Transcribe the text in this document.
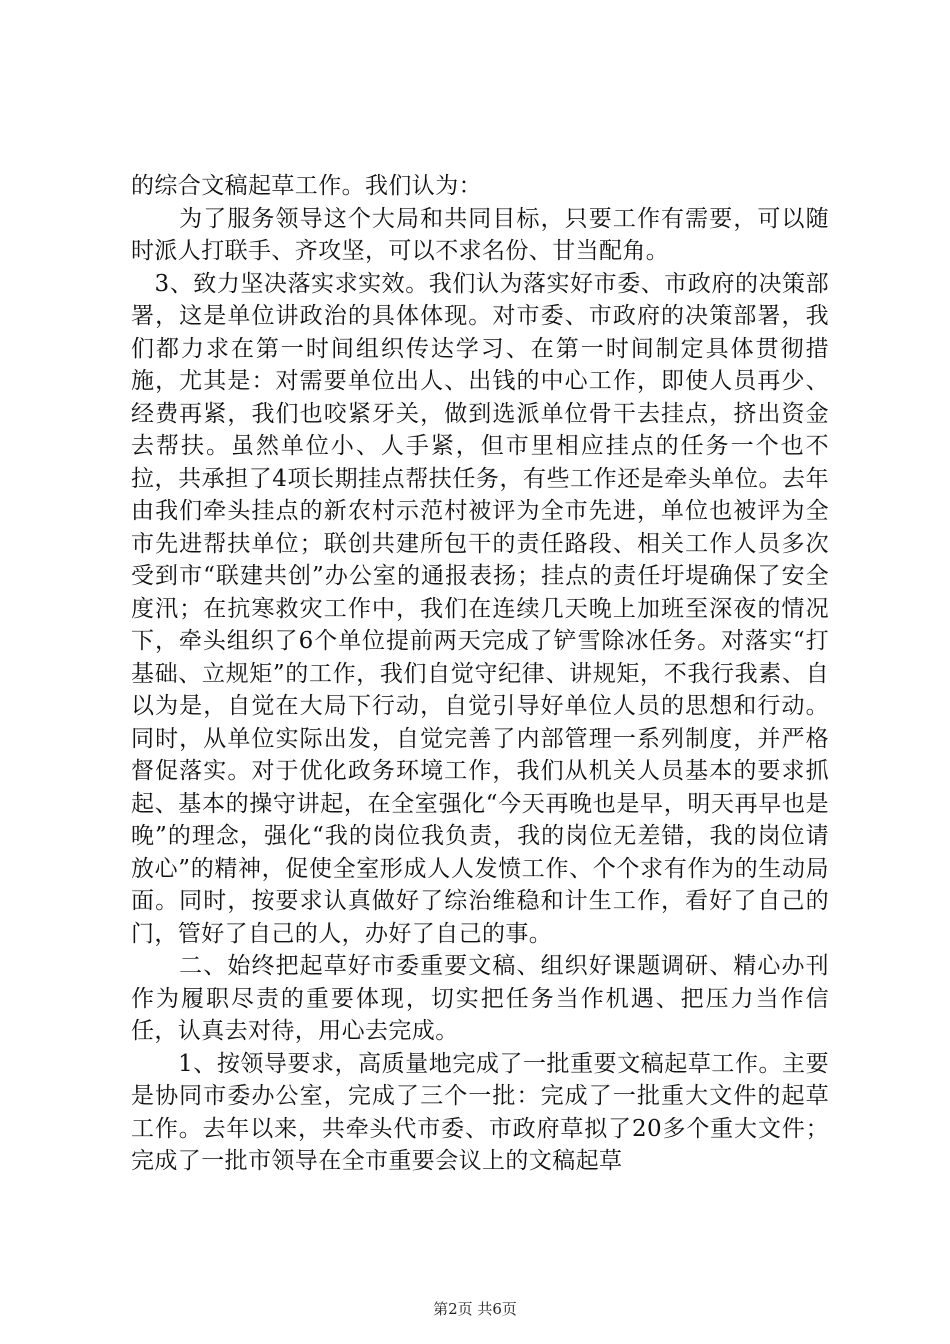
的综合文稿起草工作。我们认为：

　　为了服务领导这个大局和共同目标，只要工作有需要，可以随时派人打联手、齐攻坚，可以不求名份、甘当配角。

　3、致力坚决落实求实效。我们认为落实好市委、市政府的决策部署，这是单位讲政治的具体体现。对市委、市政府的决策部署，我们都力求在第一时间组织传达学习、在第一时间制定具体贯彻措施，尤其是：对需要单位出人、出钱的中心工作，即使人员再少、经费再紧，我们也咬紧牙关，做到选派单位骨干去挂点，挤出资金去帮扶。虽然单位小、人手紧，但市里相应挂点的任务一个也不拉，共承担了4项长期挂点帮扶任务，有些工作还是牵头单位。去年由我们牵头挂点的新农村示范村被评为全市先进，单位也被评为全市先进帮扶单位；联创共建所包干的责任路段、相关工作人员多次受到市“联建共创”办公室的通报表扬；挂点的责任圩堤确保了安全度汛；在抗寒救灾工作中，我们在连续几天晚上加班至深夜的情况下，牵头组织了6个单位提前两天完成了铲雪除冰任务。对落实“打基础、立规矩”的工作，我们自觉守纪律、讲规矩，不我行我素、自以为是，自觉在大局下行动，自觉引导好单位人员的思想和行动。同时，从单位实际出发，自觉完善了内部管理一系列制度，并严格督促落实。对于优化政务环境工作，我们从机关人员基本的要求抓起、基本的操守讲起，在全室强化“今天再晚也是早，明天再早也是晚”的理念，强化“我的岗位我负责，我的岗位无差错，我的岗位请放心”的精神，促使全室形成人人发愤工作、个个求有作为的生动局面。同时，按要求认真做好了综治维稳和计生工作，看好了自己的门，管好了自己的人，办好了自己的事。

　　二、始终把起草好市委重要文稿、组织好课题调研、精心办刊作为履职尽责的重要体现，切实把任务当作机遇、把压力当作信任，认真去对待，用心去完成。

　　1、按领导要求，高质量地完成了一批重要文稿起草工作。主要是协同市委办公室，完成了三个一批：完成了一批重大文件的起草工作。去年以来，共牵头代市委、市政府草拟了20多个重大文件；完成了一批市领导在全市重要会议上的文稿起草

第2页 共6页
